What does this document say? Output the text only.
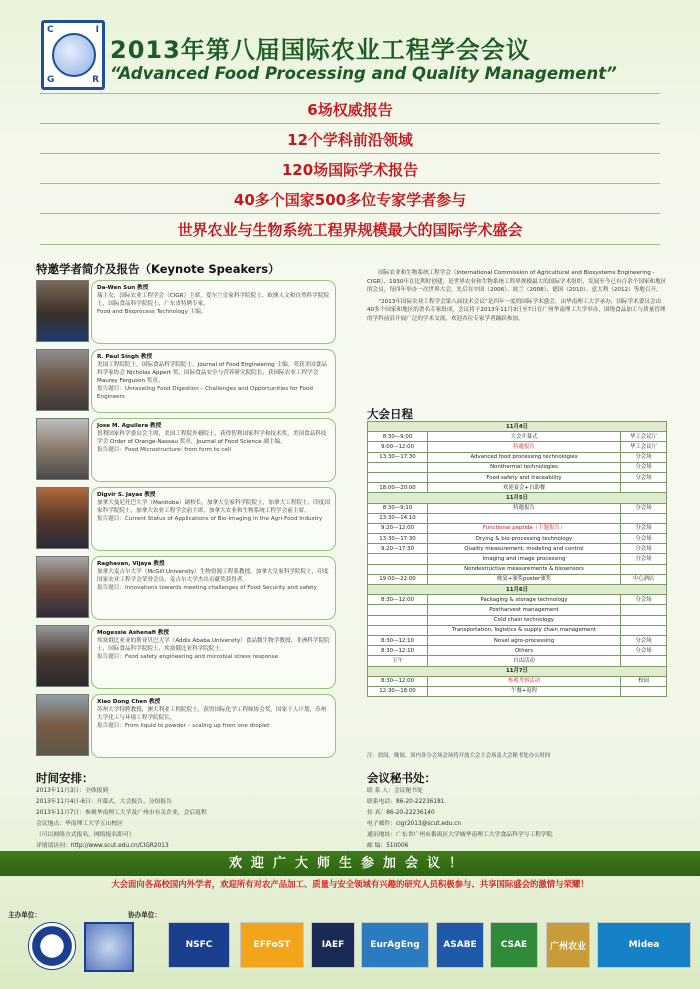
C	I
G	R
2013年第八届国际农业工程学会会议
“Advanced Food Processing and Quality Management”
6场权威报告
12个学科前沿领域
120场国际学术报告
40多个国家500多位专家学者参与
世界农业与生物系统工程界规模最大的国际学术盛会
特邀学者简介及报告（Keynote Speakers）
Da-Wen Sun 教授
瑞士女，国际农业工程学会（CIGR）主席，爱尔兰皇家科学院院士、欧洲人文和自然科学院院士，国际食品科学院院士，广东省特聘专家，
Food and Bioprocess Technology 主编。
R. Paul Singh 教授
美国工程院院士，国际食品科学院院士，Journal of Food Engineering 主编。荣获美国食品科学家协会 Nicholas Appert 奖，国际食品安全与营养研究院院长，获国际农业工程学会 Maurey Ferguson 奖章。
报告题目：Unraveling Food Digestion – Challenges and Opportunities for Food Engineers
Jose M. Aguilera 教授
智利国家科学委员会主席，美国工程院外籍院士，获得智利国家科学和技术奖，美国食品科技学会 Order of Orange-Nassau 奖章，Journal of Food Science 副主编。
报告题目：Food Microstructure: from form to cell
Digvir S. Jayas 教授
加拿大曼尼托巴大学（Manitoba）副校长，加拿大皇家科学院院士，加拿大工程院士，印度国家科学院院士，加拿大农业工程学会前主席，加拿大农业和生物系统工程学会前主席。
报告题目：Current Status of Applications of Bio-imaging in the Agri-Food Industry
Raghavan, Vijaya 教授
加拿大麦吉尔大学（McGill University）生物资源工程系教授，加拿大皇家科学院院士，印度国家农业工程学会荣誉会员，麦吉尔大学杰出贡献奖获得者。
报告题目：Innovations towards meeting challenges of Food Security and safety
Mogessie Ashenafi 教授
埃塞俄比亚亚的斯亚贝巴大学（Addis Ababa University）食品微生物学教授，非洲科学院院士，国际食品科学院院士，埃塞俄比亚科学院院士。
报告题目：Food safety engineering and microbial stress response
Xiao Dong Chen 教授
苏州大学特聘教授，澳大利亚工程院院士，获得国际化学工程师协会奖，国家千人计划，苏州大学化工与环境工程学院院长，
报告题目：From liquid to powder – scaling up from one droplet

国际农业和生物系统工程学会（International Commission of Agricultural and Biosystems Engineering - CIGR），1930年在比利时创建，是世界农业和生物系统工程界规模最大的国际学术组织，发展至今已有百余个国家和地区的会员，每四年举办一次世界大会，先后在中国（2006）、波兰（2008）、德国（2010）、意大利（2012）等地召开。

“2013年国际农业工程学会第八届技术会议”是四年一度的国际学术盛会，由华南理工大学承办，国际学术委员会由40多个国家和地区的著名专家组成，会议将于2013年11月3日至7日在广州华南理工大学举办，围绕食品加工与质量管理的学科前沿开展广泛的学术交流，欢迎各位专家学者踊跃参加。

大会日程
11月4日		
8:30—9:00	大会开幕式	华工会议厅
9:00—12:00	特邀报告	华工会议厅
13:30—17:30	Advanced food processing technologies	分会场
	Nonthermal technologies	分会场
	Food safety and traceability	分会场
18:00—20:00	欢迎宴会+自助餐	
11月5日		
8:30—9:10	特邀报告	分会场
13:30—14:10		
9:20—12:00	Functional peptide（主题报告）	分会场
13:30—17:30	Drying & bio-processing technology	分会场
9:20—17:30	Quality measurement, modeling and control	分会场
	Imaging and image processing	分会场
	Nondestructive measurements & biosensors	
19:00—22:00	晚宴+颁奖poster颁奖	中心酒店
11月6日		
8:30—12:00	Packaging & storage technology	分会场
	Postharvest management	
	Cold chain technology	
	Transportation, logistics & supply chain management	
8:30—12:10	Novel agro-processing	分会场
8:30—12:10	Others	分会场
下午	自由活动	
11月7日		
8:30—12:00	参观考察活动	校园
12:30—18:00	午餐+返程	
注：晨间、晚间、周内各分会场会场将开放大会主会场及大会秘书处办公时间
时间安排：
2013年11月3日：全体报到
2013年11月4日-6日：开幕式、大会报告、分组报告
2013年11月7日：参观华南理工大学及广州市有关企业，会后返程
会议地点：华南理工大学五山校区
（可以网络方式报名，网络报名即可）
详情请访问：http://www.scut.edu.cn/CIGR2013
会议秘书处：
联 系 人：会议秘书处
联系电话：86-20-22236181
传 真：86-20-22236140
电子邮件：cigr2013@scut.edu.cn
通讯地址：广东省广州市番禺区大学城华南理工大学食品科学与工程学院
邮 编：510006
欢迎广大师生参加会议！
大会面向各高校国内外学者，欢迎所有对农产品加工、质量与安全领域有兴趣的研究人员积极参与、共享国际盛会的激情与荣耀！
主办单位：	协办单位：
NSFC	EFFoST	IAEF	EurAgEng	ASABE	CSAE	广州农业	Midea
